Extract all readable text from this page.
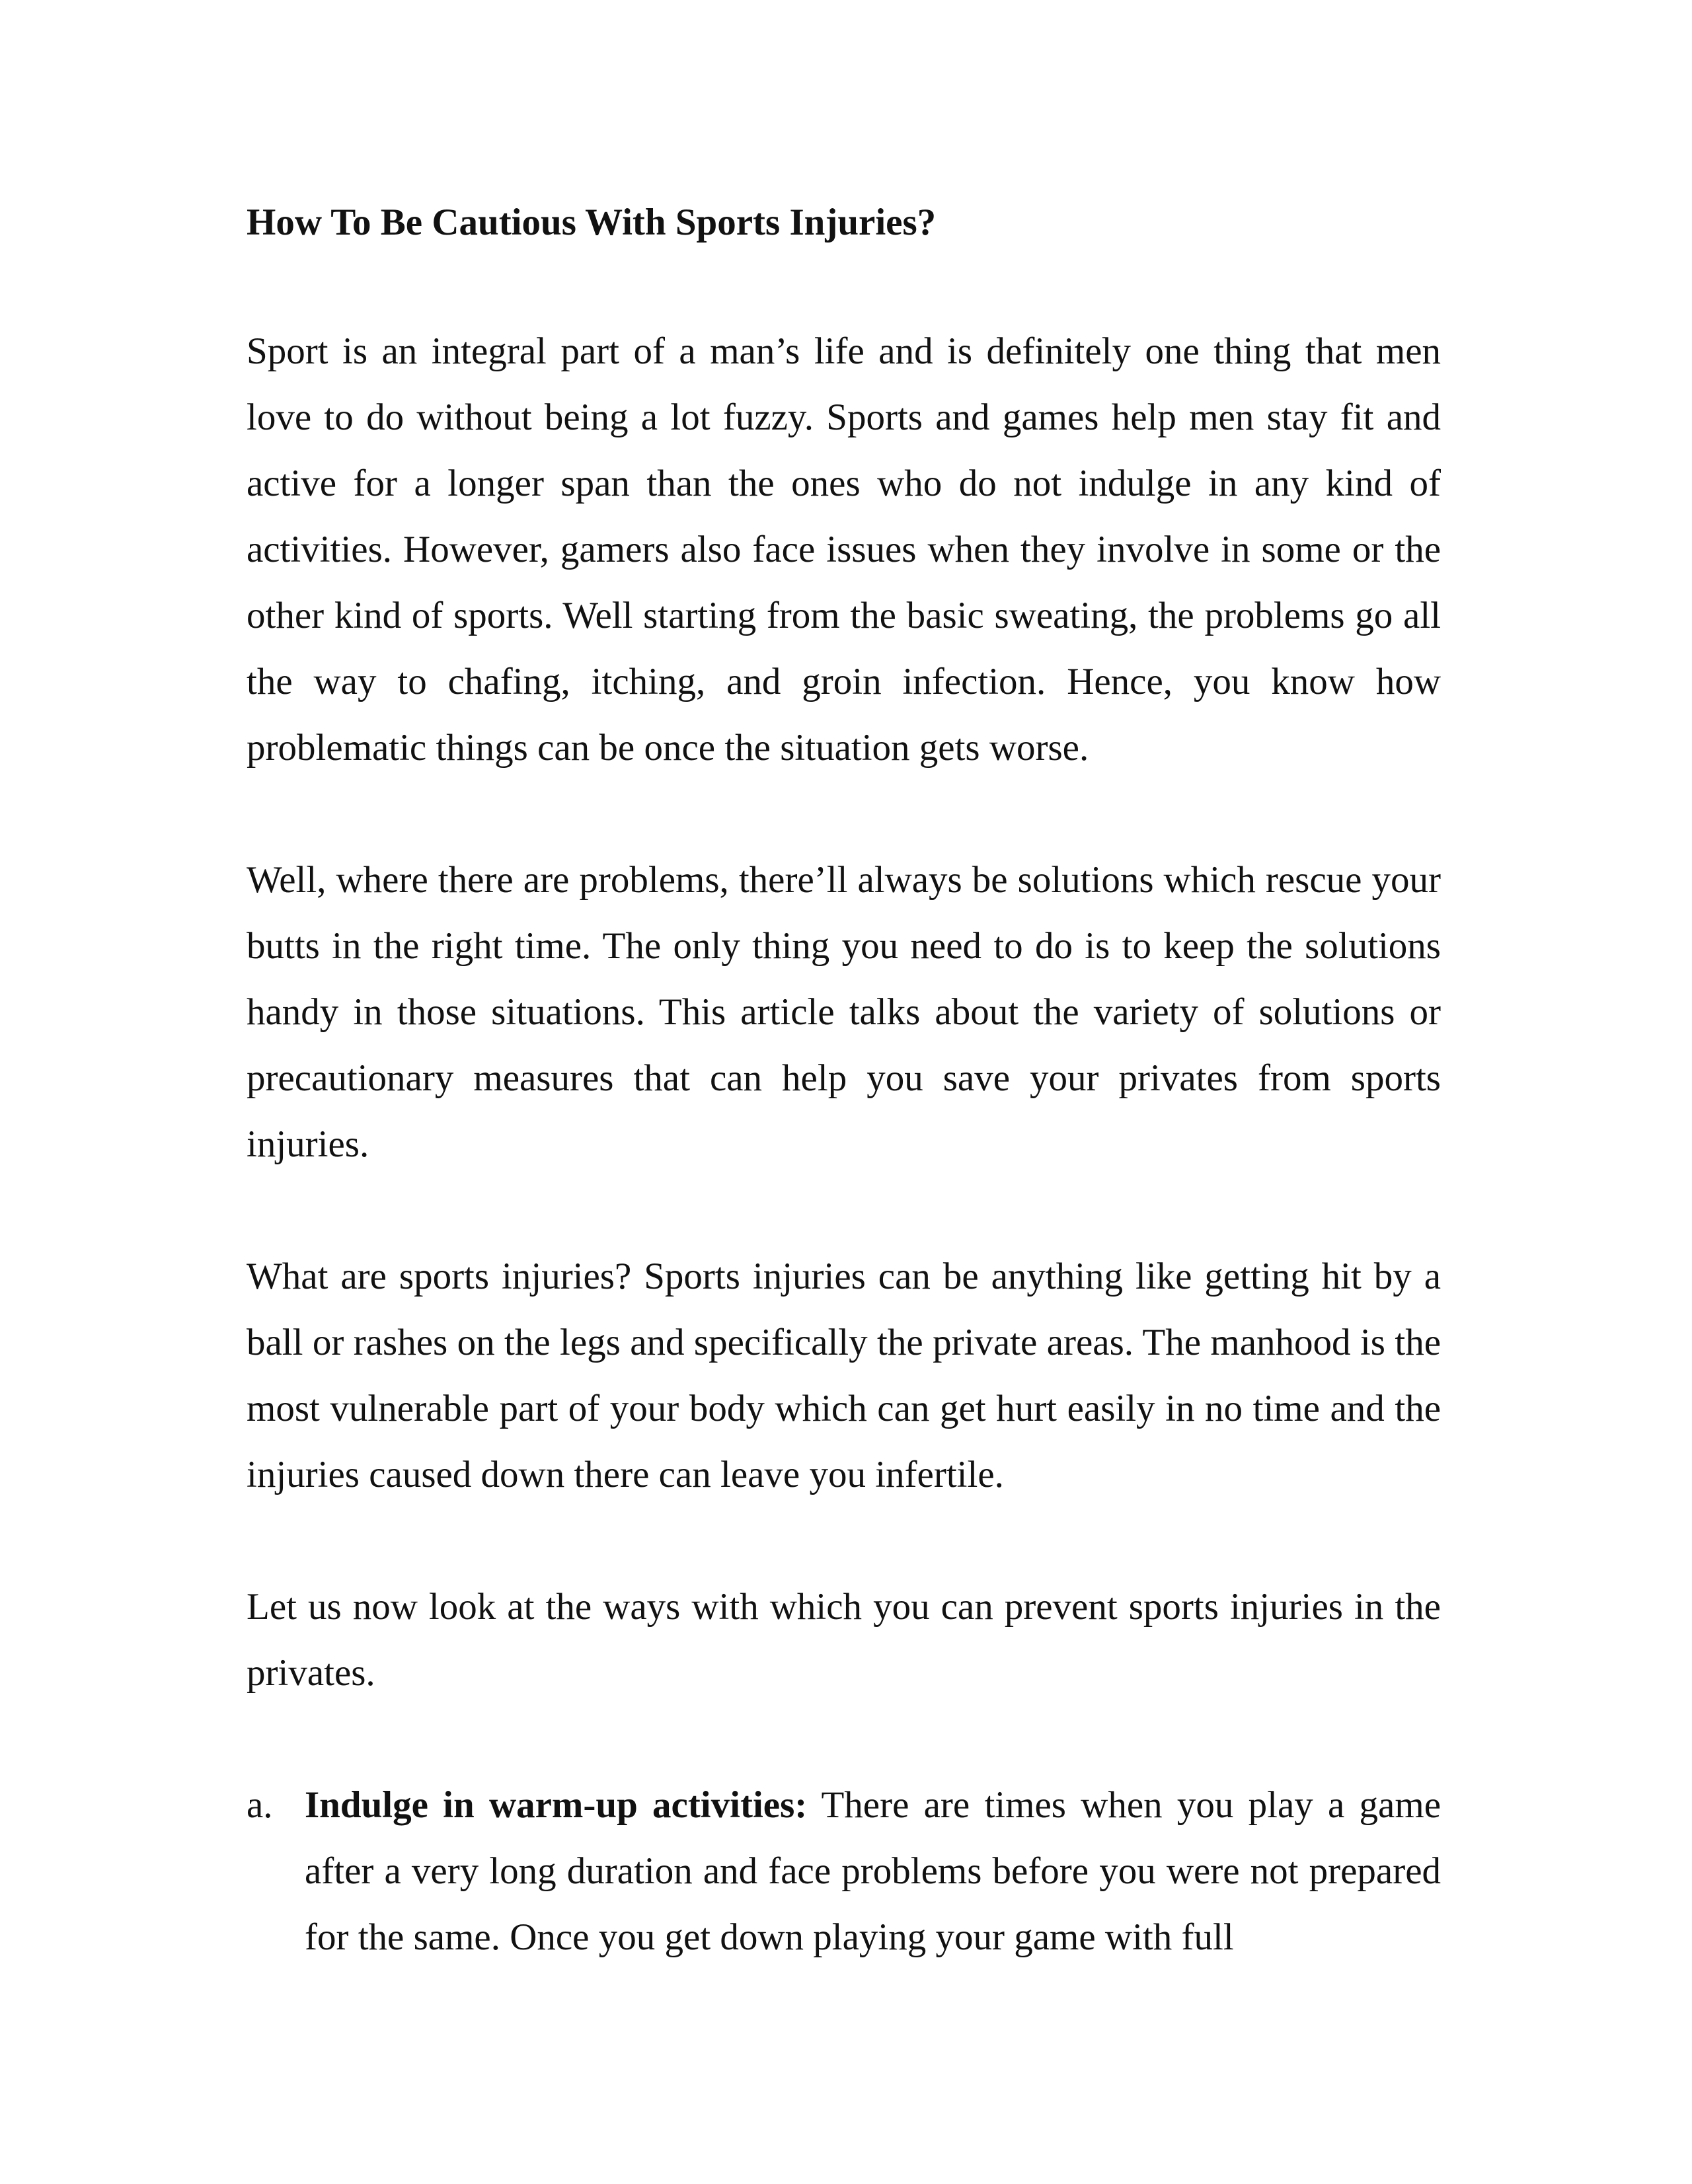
How To Be Cautious With Sports Injuries?

Sport is an integral part of a man’s life and is definitely one thing that men love to do without being a lot fuzzy. Sports and games help men stay fit and active for a longer span than the ones who do not indulge in any kind of activities. However, gamers also face issues when they involve in some or the other kind of sports. Well starting from the basic sweating, the problems go all the way to chafing, itching, and groin infection. Hence, you know how problematic things can be once the situation gets worse.

Well, where there are problems, there’ll always be solutions which rescue your butts in the right time. The only thing you need to do is to keep the solutions handy in those situations. This article talks about the variety of solutions or precautionary measures that can help you save your privates from sports injuries.

What are sports injuries? Sports injuries can be anything like getting hit by a ball or rashes on the legs and specifically the private areas. The manhood is the most vulnerable part of your body which can get hurt easily in no time and the injuries caused down there can leave you infertile.

Let us now look at the ways with which you can prevent sports injuries in the privates.

a. Indulge in warm-up activities: There are times when you play a game after a very long duration and face problems before you were not prepared for the same. Once you get down playing your game with full
